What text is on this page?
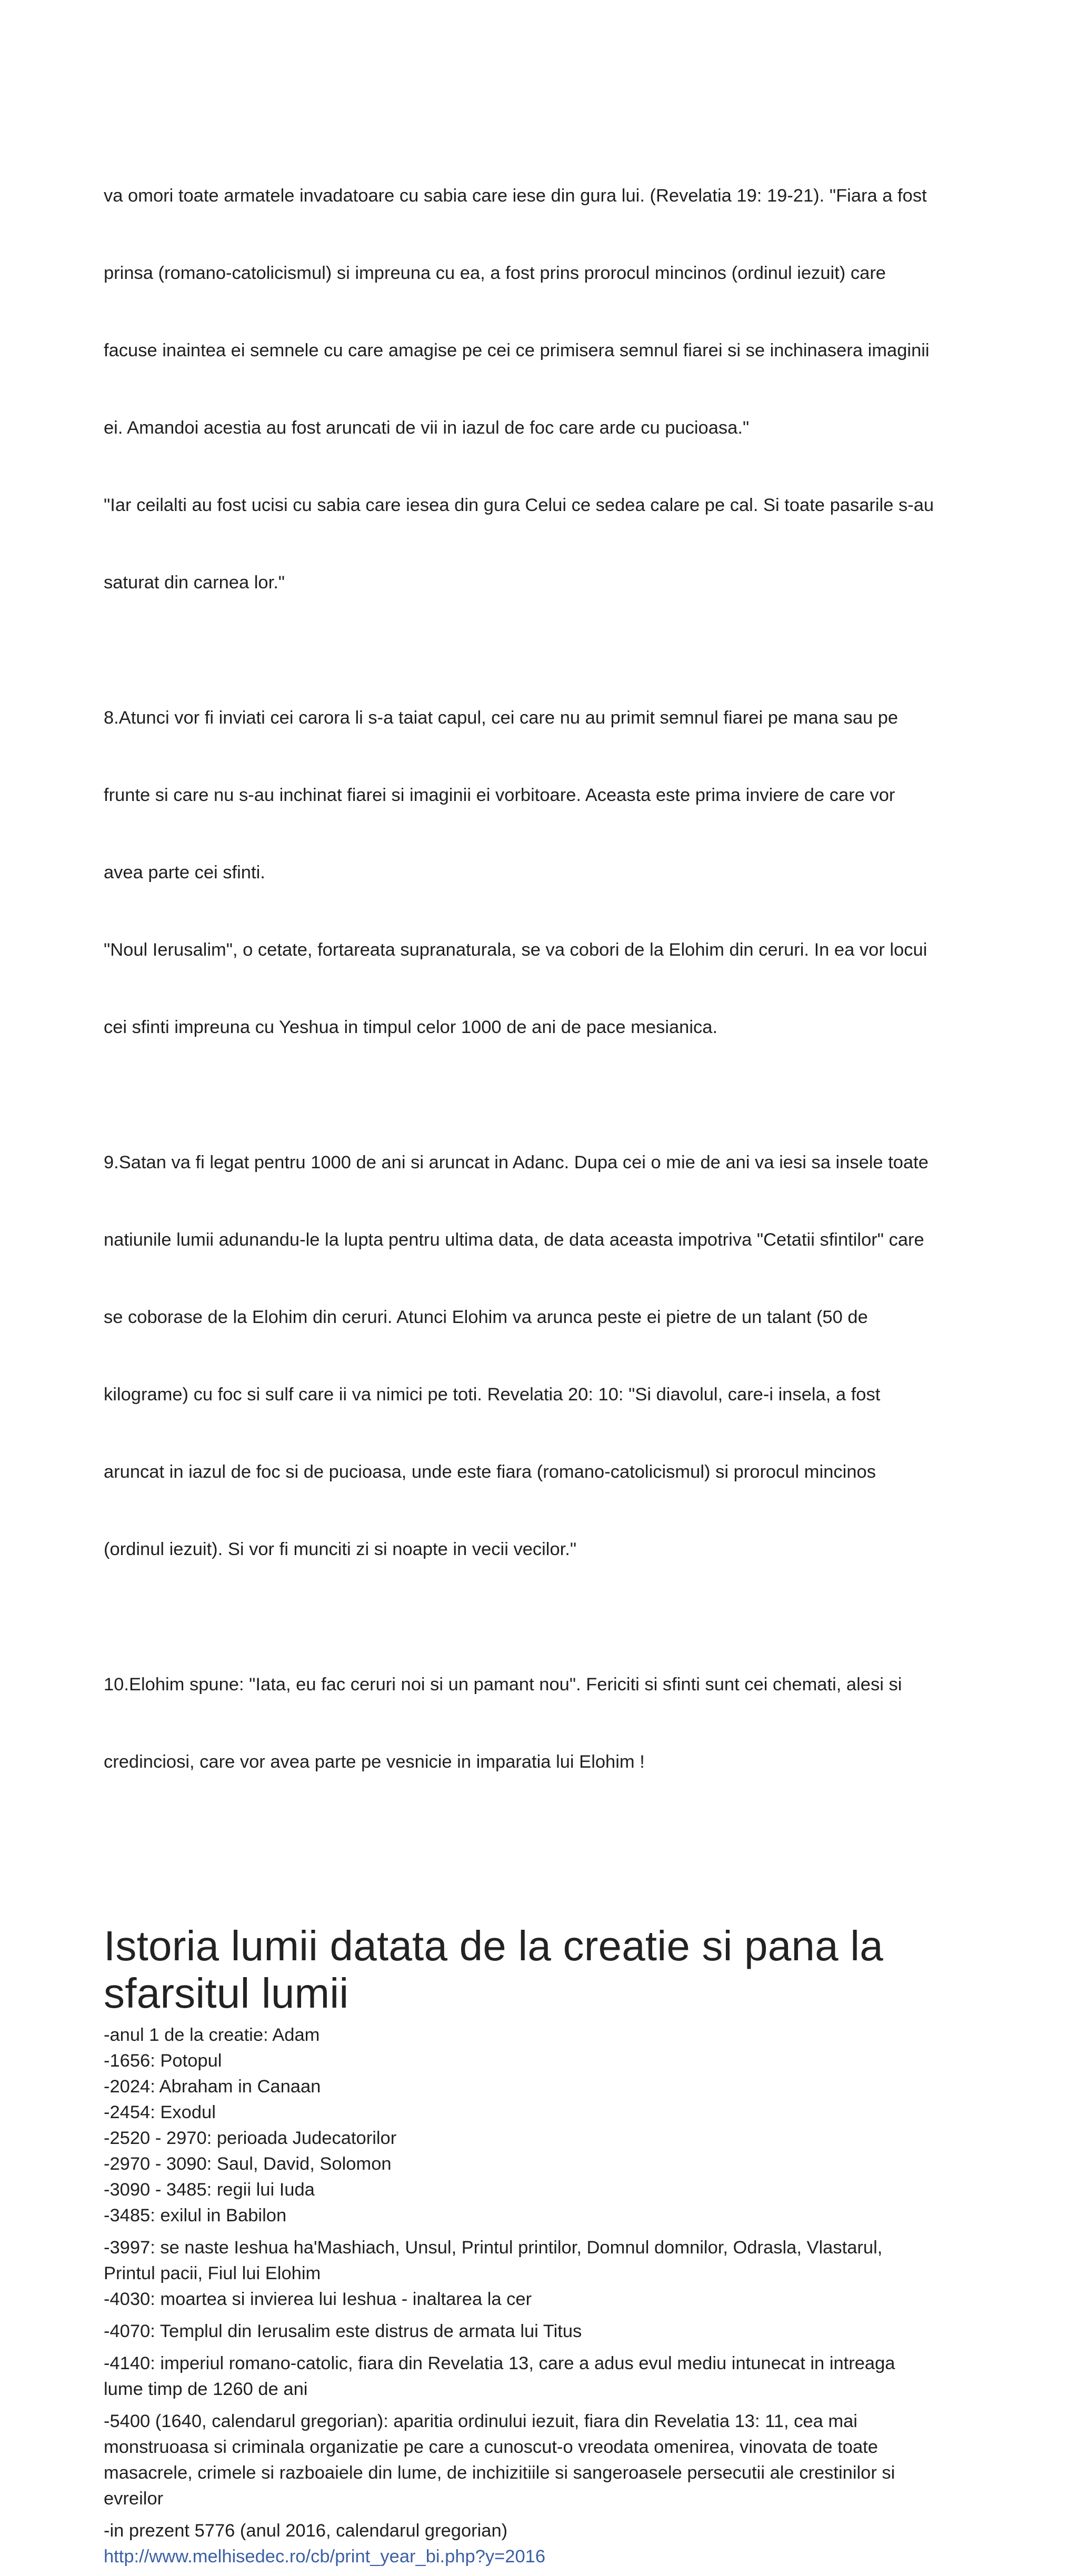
va omori toate armatele invadatoare cu sabia care iese din gura lui. (Revelatia 19: 19-21). "Fiara a fost

prinsa (romano-catolicismul) si impreuna cu ea, a fost prins prorocul mincinos (ordinul iezuit) care

facuse inaintea ei semnele cu care amagise pe cei ce primisera semnul fiarei si se inchinasera imaginii

ei. Amandoi acestia au fost aruncati de vii in iazul de foc care arde cu pucioasa."

"Iar ceilalti au fost ucisi cu sabia care iesea din gura Celui ce sedea calare pe cal. Si toate pasarile s-au

saturat din carnea lor."

8.Atunci vor fi inviati cei carora li s-a taiat capul, cei care nu au primit semnul fiarei pe mana sau pe

frunte si care nu s-au inchinat fiarei si imaginii ei vorbitoare. Aceasta este prima inviere de care vor

avea parte cei sfinti.

"Noul Ierusalim", o cetate, fortareata supranaturala, se va cobori de la Elohim din ceruri. In ea vor locui

cei sfinti impreuna cu Yeshua in timpul celor 1000 de ani de pace mesianica.

9.Satan va fi legat pentru 1000 de ani si aruncat in Adanc. Dupa cei o mie de ani va iesi sa insele toate

natiunile lumii adunandu-le la lupta pentru ultima data, de data aceasta impotriva "Cetatii sfintilor" care

se coborase de la Elohim din ceruri. Atunci Elohim va arunca peste ei pietre de un talant (50 de

kilograme) cu foc si sulf care ii va nimici pe toti. Revelatia 20: 10: "Si diavolul, care-i insela, a fost

aruncat in iazul de foc si de pucioasa, unde este fiara (romano-catolicismul) si prorocul mincinos

(ordinul iezuit). Si vor fi munciti zi si noapte in vecii vecilor."

10.Elohim spune: "Iata, eu fac ceruri noi si un pamant nou". Fericiti si sfinti sunt cei chemati, alesi si

credinciosi, care vor avea parte pe vesnicie in imparatia lui Elohim !

Istoria lumii datata de la creatie si pana la
sfarsitul lumii
-anul 1 de la creatie: Adam
-1656: Potopul
-2024: Abraham in Canaan
-2454: Exodul
-2520 - 2970: perioada Judecatorilor
-2970 - 3090: Saul, David, Solomon
-3090 - 3485: regii lui Iuda
-3485: exilul in Babilon
-3997: se naste Ieshua ha'Mashiach, Unsul, Printul printilor, Domnul domnilor, Odrasla, Vlastarul,
Printul pacii, Fiul lui Elohim
-4030: moartea si invierea lui Ieshua - inaltarea la cer
-4070: Templul din Ierusalim este distrus de armata lui Titus
-4140: imperiul romano-catolic, fiara din Revelatia 13, care a adus evul mediu intunecat in intreaga
lume timp de 1260 de ani
-5400 (1640, calendarul gregorian): aparitia ordinului iezuit, fiara din Revelatia 13: 11, cea mai
monstruoasa si criminala organizatie pe care a cunoscut-o vreodata omenirea, vinovata de toate
masacrele, crimele si razboaiele din lume, de inchizitiile si sangeroasele persecutii ale crestinilor si
evreilor
-in prezent 5776 (anul 2016, calendarul gregorian)
http://www.melhisedec.ro/cb/print_year_bi.php?y=2016
